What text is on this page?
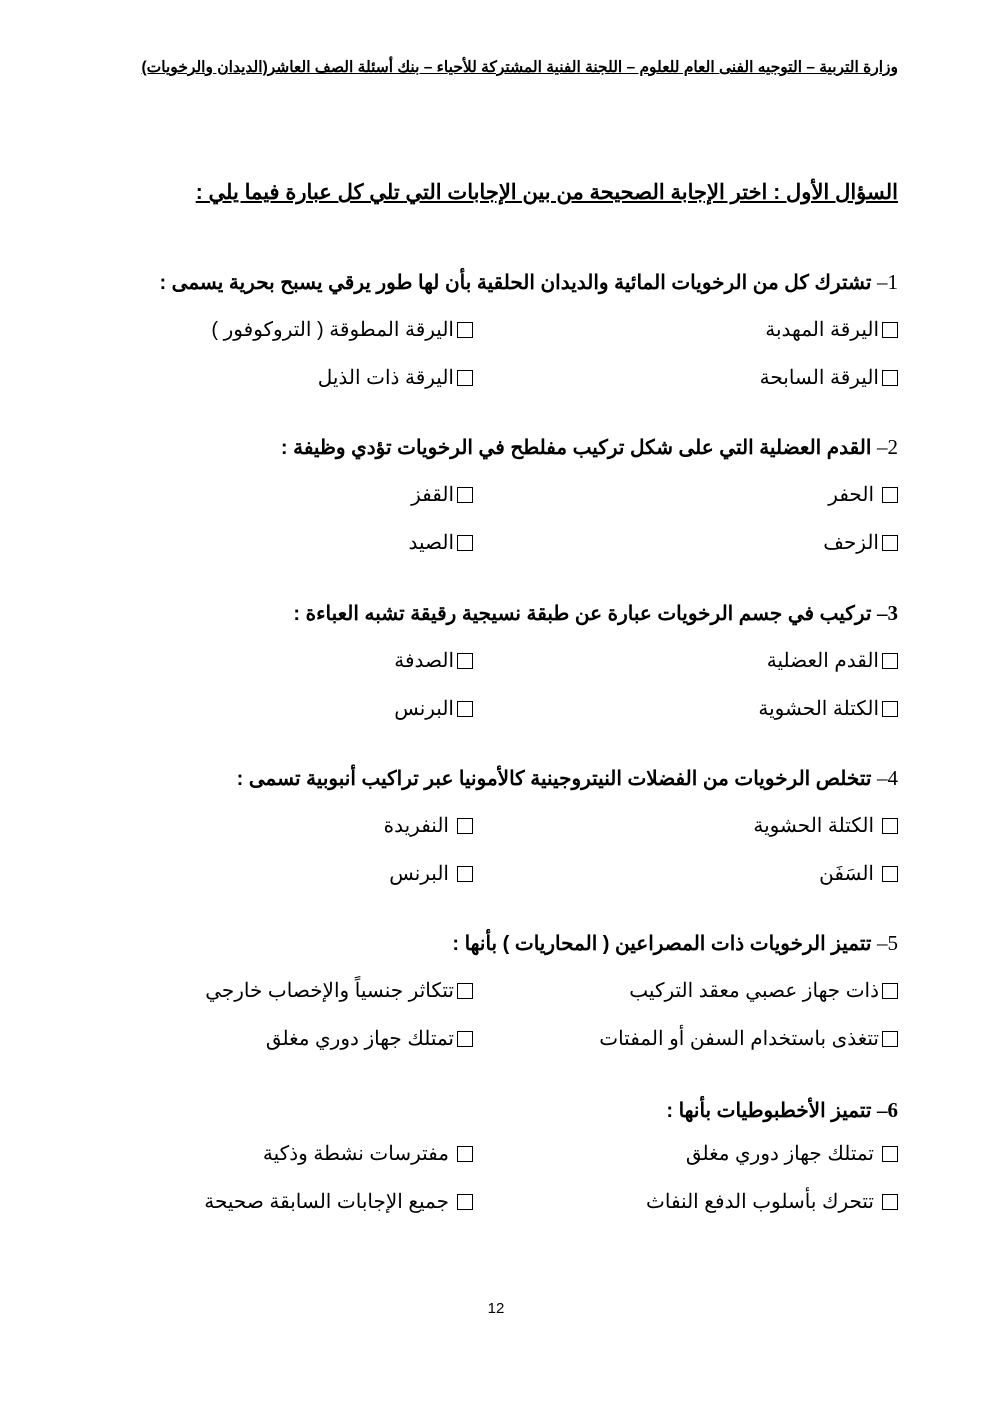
وزارة التربية – التوجيه الفنى العام للعلوم – اللجنة الفنية المشتركة للأحياء – بنك أسئلة الصف العاشر(الديدان والرخويات)
السؤال الأول : اختر الإجابة الصحيحة من بين الإجابات التي تلي كل عبارة فيما يلي :
1– تشترك كل من الرخويات المائية والديدان الحلقية بأن لها طور يرقي يسبح بحرية يسمى :
اليرقة المهدبة
اليرقة المطوقة ( التروكوفور )
اليرقة السابحة
اليرقة ذات الذيل
2– القدم العضلية التي على شكل تركيب مفلطح في الرخويات تؤدي وظيفة :
الحفر
القفز
الزحف
الصيد
3– تركيب في جسم الرخويات عبارة عن طبقة نسيجية رقيقة تشبه العباءة :
القدم العضلية
الصدفة
الكتلة الحشوية
البرنس
4– تتخلص الرخويات من الفضلات النيتروجينية كالأمونيا عبر تراكيب أنبوبية تسمى :
الكتلة الحشوية
النفريدة
السَفَن
البرنس
5– تتميز الرخويات ذات المصراعين ( المحاريات ) بأنها :
ذات جهاز عصبي معقد التركيب
تتكاثر جنسياً والإخصاب خارجي
تتغذى باستخدام السفن أو المفتات
تمتلك جهاز دوري مغلق
6– تتميز الأخطبوطيات بأنها :
تمتلك جهاز دوري مغلق
مفترسات نشطة وذكية
تتحرك بأسلوب الدفع النفاث
جميع الإجابات السابقة صحيحة
12
